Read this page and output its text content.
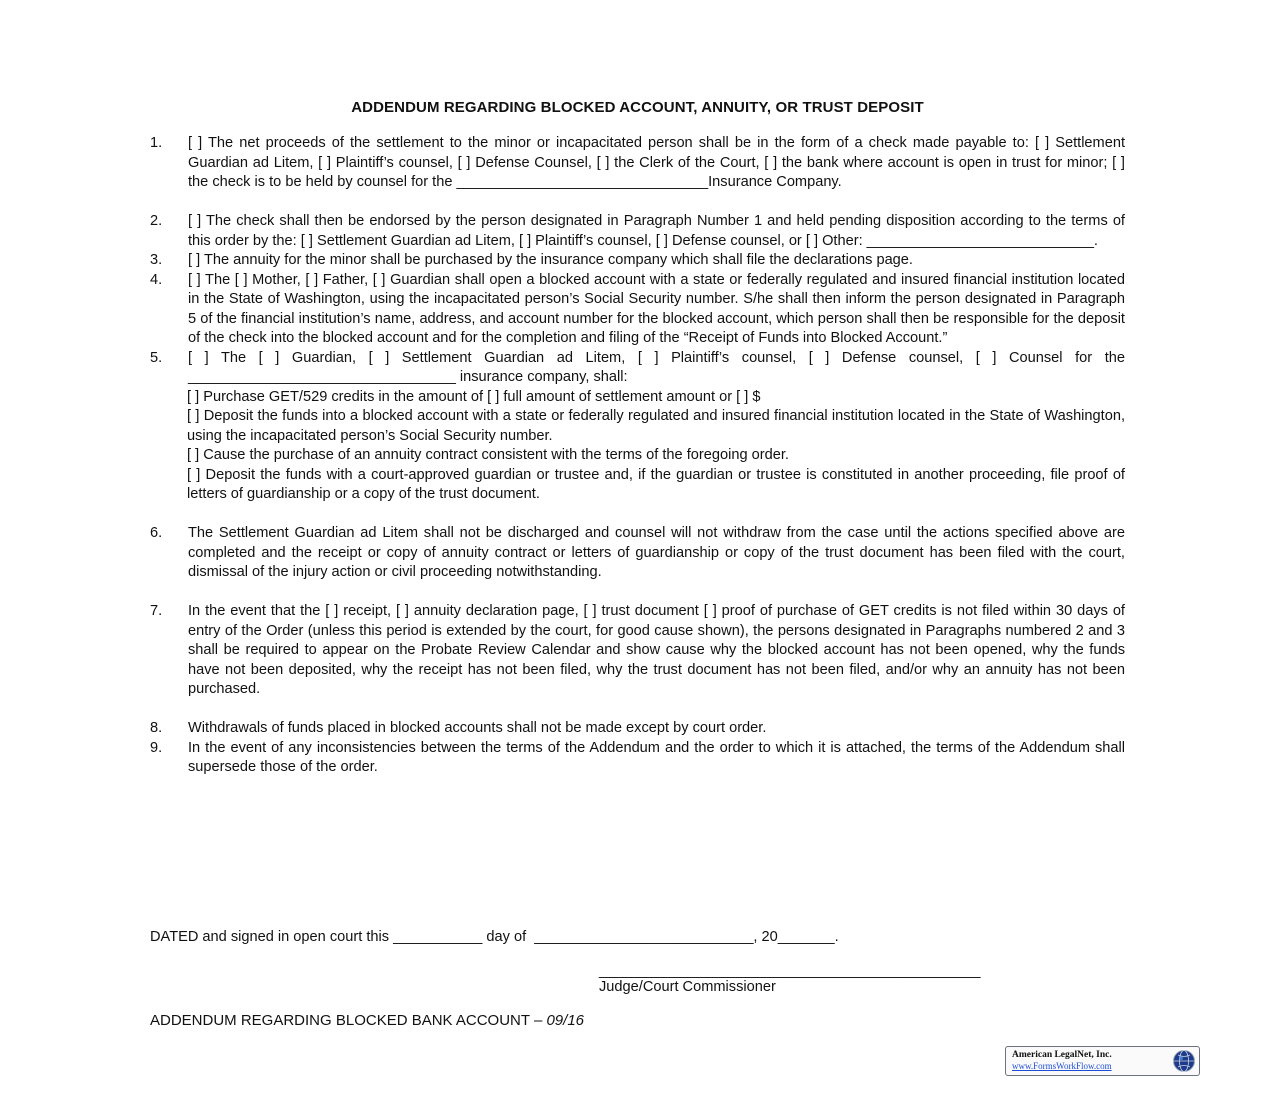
ADDENDUM REGARDING BLOCKED ACCOUNT, ANNUITY, OR TRUST DEPOSIT
1. [ ] The net proceeds of the settlement to the minor or incapacitated person shall be in the form of a check made payable to: [ ] Settlement Guardian ad Litem, [ ] Plaintiff’s counsel, [ ] Defense Counsel, [ ] the Clerk of the Court, [ ] the bank where account is open in trust for minor; [ ] the check is to be held by counsel for the _______________________________Insurance Company.
2. [ ] The check shall then be endorsed by the person designated in Paragraph Number 1 and held pending disposition according to the terms of this order by the: [ ] Settlement Guardian ad Litem, [ ] Plaintiff’s counsel, [ ] Defense counsel, or [ ] Other: ____________________________.
3. [ ] The annuity for the minor shall be purchased by the insurance company which shall file the declarations page.
4. [ ] The [ ] Mother, [ ] Father, [ ] Guardian shall open a blocked account with a state or federally regulated and insured financial institution located in the State of Washington, using the incapacitated person’s Social Security number. S/he shall then inform the person designated in Paragraph 5 of the financial institution’s name, address, and account number for the blocked account, which person shall then be responsible for the deposit of the check into the blocked account and for the completion and filing of the “Receipt of Funds into Blocked Account.”
5. [ ] The [ ] Guardian, [ ] Settlement Guardian ad Litem, [ ] Plaintiff’s counsel, [ ] Defense counsel, [ ] Counsel for the _________________________________ insurance company, shall:
[ ] Purchase GET/529 credits in the amount of [ ] full amount of settlement amount or [ ] $
[ ] Deposit the funds into a blocked account with a state or federally regulated and insured financial institution located in the State of Washington, using the incapacitated person’s Social Security number.
[ ] Cause the purchase of an annuity contract consistent with the terms of the foregoing order.
[ ] Deposit the funds with a court-approved guardian or trustee and, if the guardian or trustee is constituted in another proceeding, file proof of letters of guardianship or a copy of the trust document.
6. The Settlement Guardian ad Litem shall not be discharged and counsel will not withdraw from the case until the actions specified above are completed and the receipt or copy of annuity contract or letters of guardianship or copy of the trust document has been filed with the court, dismissal of the injury action or civil proceeding notwithstanding.
7. In the event that the [ ] receipt, [ ] annuity declaration page, [ ] trust document [ ] proof of purchase of GET credits is not filed within 30 days of entry of the Order (unless this period is extended by the court, for good cause shown), the persons designated in Paragraphs numbered 2 and 3 shall be required to appear on the Probate Review Calendar and show cause why the blocked account has not been opened, why the funds have not been deposited, why the receipt has not been filed, why the trust document has not been filed, and/or why an annuity has not been purchased.
8. Withdrawals of funds placed in blocked accounts shall not be made except by court order.
9. In the event of any inconsistencies between the terms of the Addendum and the order to which it is attached, the terms of the Addendum shall supersede those of the order.
DATED and signed in open court this ___________ day of  ___________________________, 20_______.
_______________________________________________
Judge/Court Commissioner
ADDENDUM REGARDING BLOCKED BANK ACCOUNT – 09/16
American LegalNet, Inc.
www.FormsWorkFlow.com
